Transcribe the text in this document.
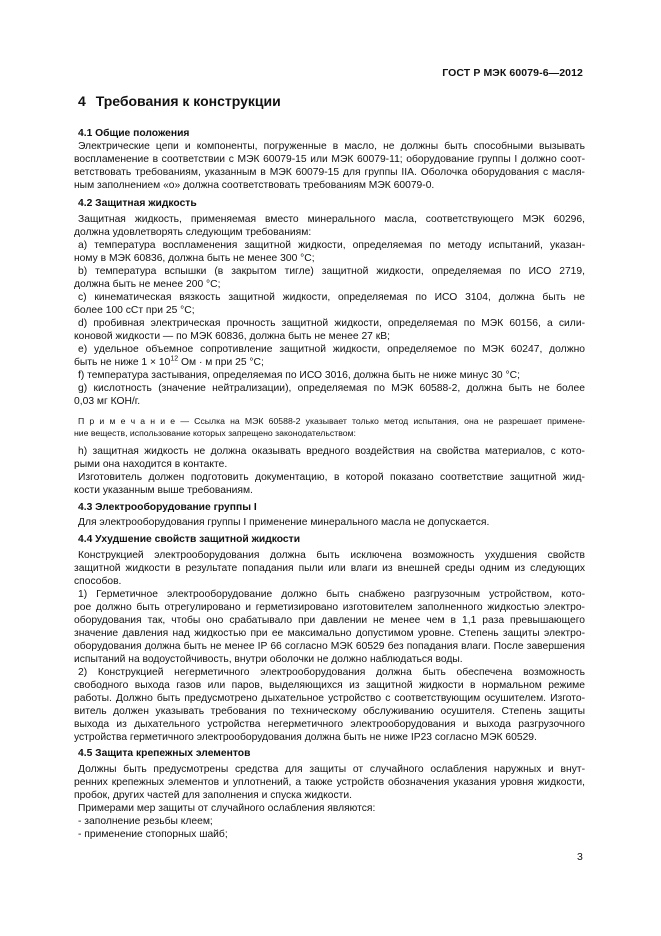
ГОСТ Р МЭК 60079-6—2012
4 Требования к конструкции
4.1 Общие положения
Электрические цепи и компоненты, погруженные в масло, не должны быть способными вызывать
воспламенение в соответствии с МЭК 60079-15 или МЭК 60079-11; оборудование группы I должно соот-
ветствовать требованиям, указанным в МЭК 60079-15 для группы IIA. Оболочка оборудования с масля-
ным заполнением «о» должна соответствовать требованиям МЭК 60079-0.
4.2 Защитная жидкость
Защитная жидкость, применяемая вместо минерального масла, соответствующего МЭК 60296,
должна удовлетворять следующим требованиям:
a) температура воспламенения защитной жидкости, определяемая по методу испытаний, указан-
ному в МЭК 60836, должна быть не менее 300 °С;
b) температура вспышки (в закрытом тигле) защитной жидкости, определяемая по ИСО 2719,
должна быть не менее 200 °С;
c) кинематическая вязкость защитной жидкости, определяемая по ИСО 3104, должна быть не
более 100 сСт при 25 °С;
d) пробивная электрическая прочность защитной жидкости, определяемая по МЭК 60156, а сили-
коновой жидкости — по МЭК 60836, должна быть не менее 27 кВ;
e) удельное объемное сопротивление защитной жидкости, определяемое по МЭК 60247, должно
быть не ниже $1 \times 10^{12}$ Ом · м при 25 °С;
f) температура застывания, определяемая по ИСО 3016, должна быть не ниже минус 30 °С;
g) кислотность (значение нейтрализации), определяемая по МЭК 60588-2, должна быть не более
0,03 мг КОН/г.
П р и м е ч а н и е — Ссылка на МЭК 60588-2 указывает только метод испытания, она не разрешает примене-
ние веществ, использование которых запрещено законодательством:
h) защитная жидкость не должна оказывать вредного воздействия на свойства материалов, с кото-
рыми она находится в контакте.
Изготовитель должен подготовить документацию, в которой показано соответствие защитной жид-
кости указанным выше требованиям.
4.3 Электрооборудование группы I
Для электрооборудования группы I применение минерального масла не допускается.
4.4 Ухудшение свойств защитной жидкости
Конструкцией электрооборудования должна быть исключена возможность ухудшения свойств
защитной жидкости в результате попадания пыли или влаги из внешней среды одним из следующих
способов.
1) Герметичное электрооборудование должно быть снабжено разгрузочным устройством, кото-
рое должно быть отрегулировано и герметизировано изготовителем заполненного жидкостью электро-
оборудования так, чтобы оно срабатывало при давлении не менее чем в 1,1 раза превышающего
значение давления над жидкостью при ее максимально допустимом уровне. Степень защиты электро-
оборудования должна быть не менее IP 66 согласно МЭК 60529 без попадания влаги. После завершения
испытаний на водоустойчивость, внутри оболочки не должно наблюдаться воды.
2) Конструкцией негерметичного электрооборудования должна быть обеспечена возможность
свободного выхода газов или паров, выделяющихся из защитной жидкости в нормальном режиме
работы. Должно быть предусмотрено дыхательное устройство с соответствующим осушителем. Изгото-
витель должен указывать требования по техническому обслуживанию осушителя. Степень защиты
выхода из дыхательного устройства негерметичного электрооборудования и выхода разгрузочного
устройства герметичного электрооборудования должна быть не ниже IP23 согласно МЭК 60529.
4.5 Защита крепежных элементов
Должны быть предусмотрены средства для защиты от случайного ослабления наружных и внут-
ренних крепежных элементов и уплотнений, а также устройств обозначения указания уровня жидкости,
пробок, других частей для заполнения и спуска жидкости.
Примерами мер защиты от случайного ослабления являются:
- заполнение резьбы клеем;
- применение стопорных шайб;
3
